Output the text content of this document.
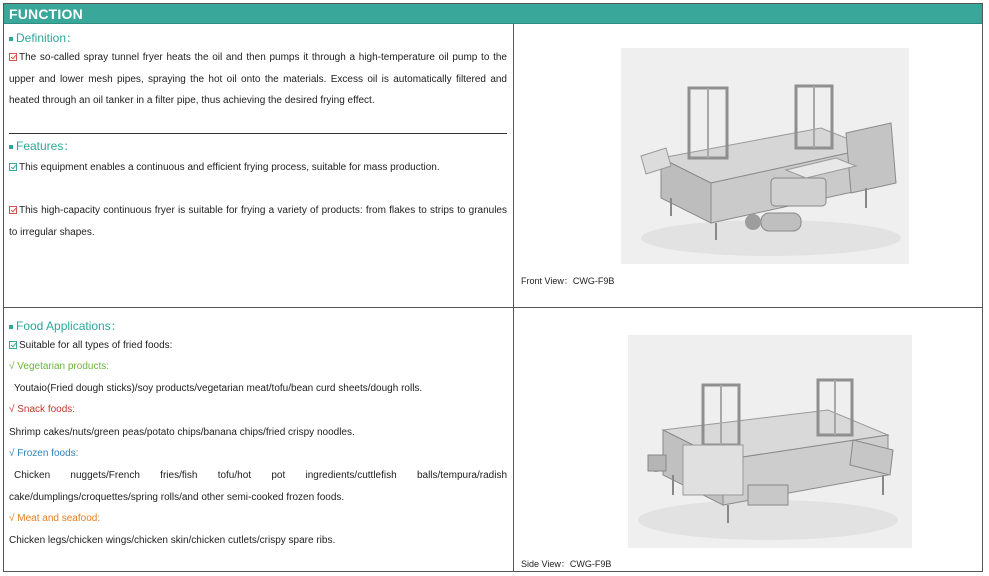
FUNCTION
Definition：
The so-called spray tunnel fryer heats the oil and then pumps it through a high-temperature oil pump to the upper and lower mesh pipes, spraying the hot oil onto the materials. Excess oil is automatically filtered and heated through an oil tanker in a filter pipe, thus achieving the desired frying effect.
Features：
This equipment enables a continuous and efficient frying process, suitable for mass production.
This high-capacity continuous fryer is suitable for frying a variety of products: from flakes to strips to granules to irregular shapes.
Front View：CWG-F9B
Food Applications：
Suitable for all types of fried foods:
√ Vegetarian products:
Youtaio(Fried dough sticks)/soy products/vegetarian meat/tofu/bean curd sheets/dough rolls.
√ Snack foods:
Shrimp cakes/nuts/green peas/potato chips/banana chips/fried crispy noodles.
√ Frozen foods:
Chicken nuggets/French fries/fish tofu/hot pot ingredients/cuttlefish balls/tempura/radish
cake/dumplings/croquettes/spring rolls/and other semi-cooked frozen foods.
√ Meat and seafood:
Chicken legs/chicken wings/chicken skin/chicken cutlets/crispy spare ribs.
Side View：CWG-F9B
